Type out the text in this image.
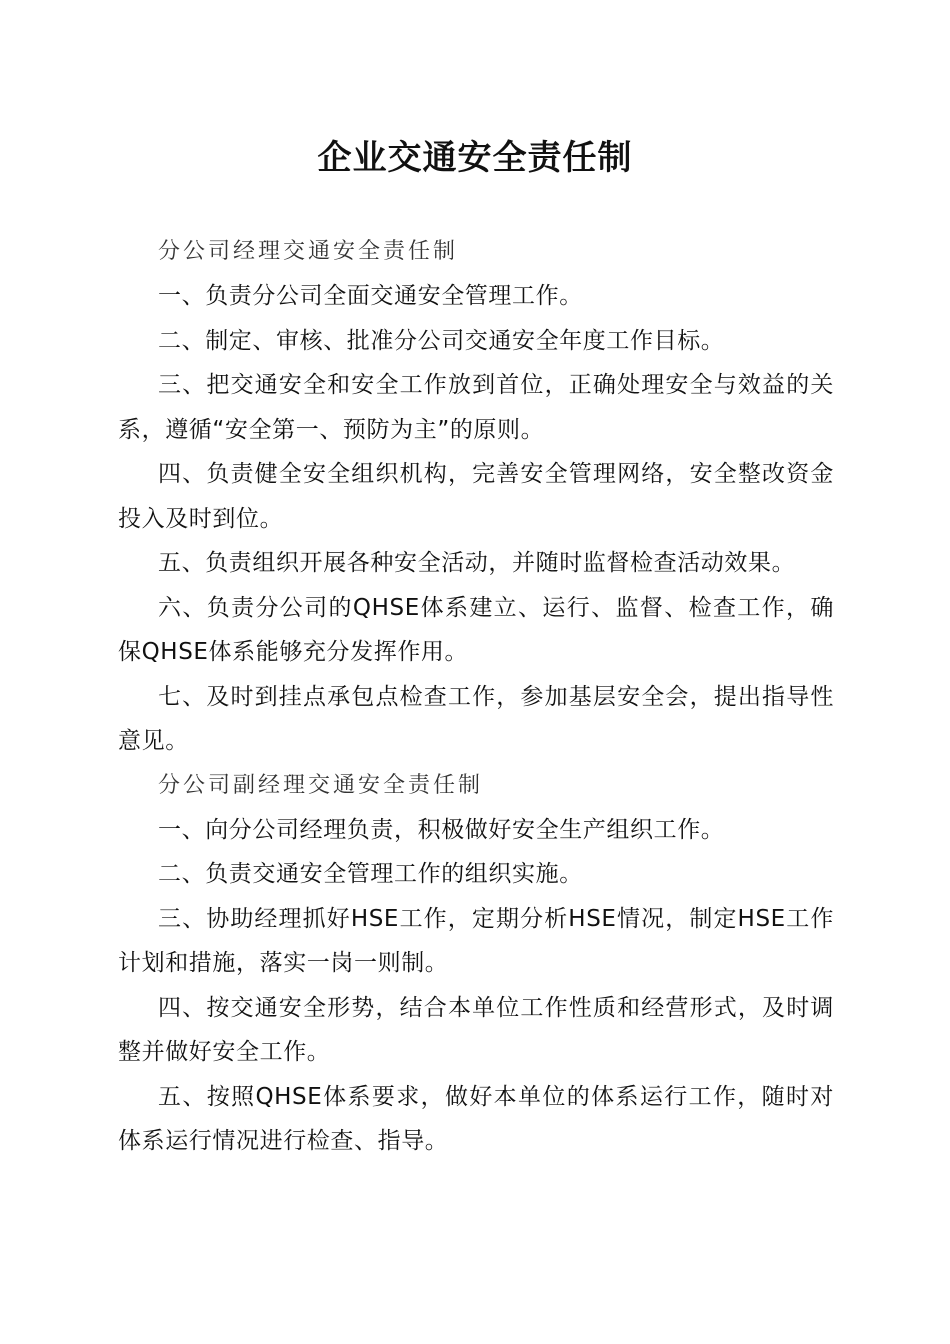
企业交通安全责任制
分公司经理交通安全责任制

一、负责分公司全面交通安全管理工作。

二、制定、审核、批准分公司交通安全年度工作目标。

三、把交通安全和安全工作放到首位，正确处理安全与效益的关系，遵循“安全第一、预防为主”的原则。

四、负责健全安全组织机构，完善安全管理网络，安全整改资金投入及时到位。

五、负责组织开展各种安全活动，并随时监督检查活动效果。

六、负责分公司的QHSE体系建立、运行、监督、检查工作，确保QHSE体系能够充分发挥作用。

七、及时到挂点承包点检查工作，参加基层安全会，提出指导性意见。

分公司副经理交通安全责任制

一、向分公司经理负责，积极做好安全生产组织工作。

二、负责交通安全管理工作的组织实施。

三、协助经理抓好HSE工作，定期分析HSE情况，制定HSE工作计划和措施，落实一岗一则制。

四、按交通安全形势，结合本单位工作性质和经营形式，及时调整并做好安全工作。

五、按照QHSE体系要求，做好本单位的体系运行工作，随时对体系运行情况进行检查、指导。
